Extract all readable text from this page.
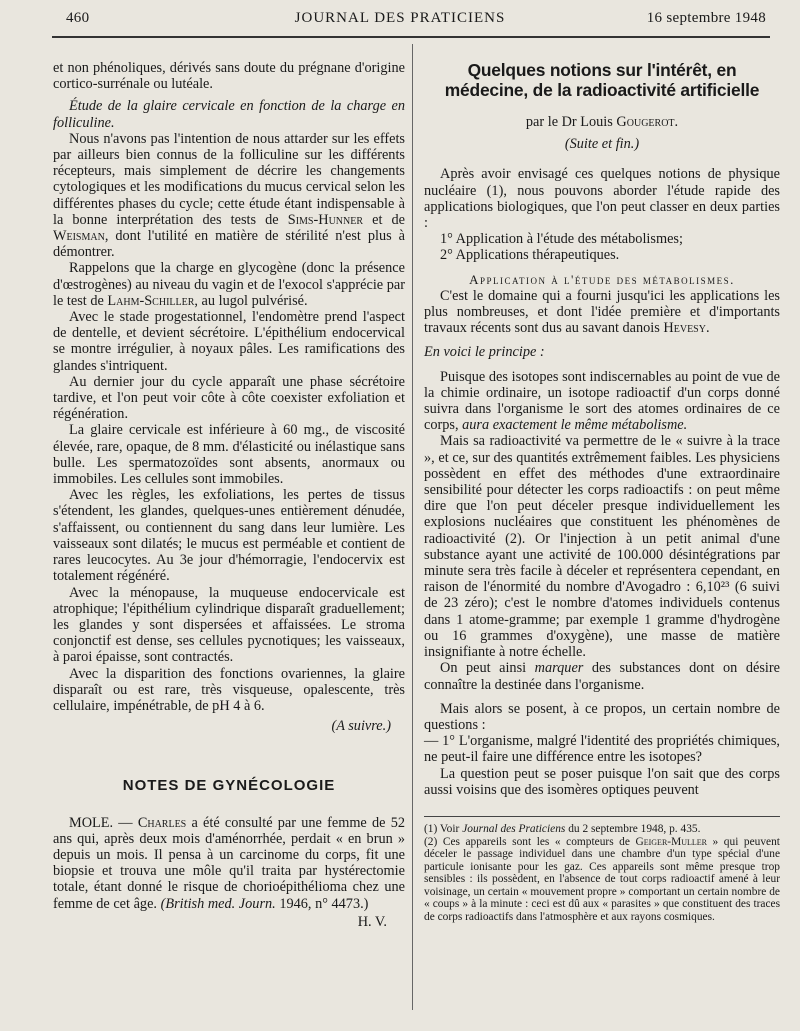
460	JOURNAL DES PRATICIENS	16 septembre 1948

et non phénoliques, dérivés sans doute du prégnane d'origine cortico-surrénale ou lutéale.

Étude de la glaire cervicale en fonction de la charge en folliculine.

Nous n'avons pas l'intention de nous attarder sur les effets par ailleurs bien connus de la folliculine sur les différents récepteurs, mais simplement de décrire les changements cytologiques et les modifications du mucus cervical selon les différentes phases du cycle; cette étude étant indispensable à la bonne interprétation des tests de Sims-Hunner et de Weisman, dont l'utilité en matière de stérilité n'est plus à démontrer.

Rappelons que la charge en glycogène (donc la présence d'œstrogènes) au niveau du vagin et de l'exocol s'apprécie par le test de Lahm-Schiller, au lugol pulvérisé.

Avec le stade progestationnel, l'endomètre prend l'aspect de dentelle, et devient sécrétoire. L'épithélium endocervical se montre irrégulier, à noyaux pâles. Les ramifications des glandes s'intriquent.

Au dernier jour du cycle apparaît une phase sécrétoire tardive, et l'on peut voir côte à côte coexister exfoliation et régénération.

La glaire cervicale est inférieure à 60 mg., de viscosité élevée, rare, opaque, de 8 mm. d'élasticité ou inélastique sans bulle. Les spermatozoïdes sont absents, anormaux ou immobiles. Les cellules sont immobiles.

Avec les règles, les exfoliations, les pertes de tissus s'étendent, les glandes, quelques-unes entièrement dénudée, s'affaissent, ou contiennent du sang dans leur lumière. Les vaisseaux sont dilatés; le mucus est perméable et contient de rares leucocytes. Au 3e jour d'hémorragie, l'endocervix est totalement régénéré.

Avec la ménopause, la muqueuse endocervicale est atrophique; l'épithélium cylindrique disparaît graduellement; les glandes y sont dispersées et affaissées. Le stroma conjonctif est dense, ses cellules pycnotiques; les vaisseaux, à paroi épaisse, sont contractés.

Avec la disparition des fonctions ovariennes, la glaire disparaît ou est rare, très visqueuse, opalescente, très cellulaire, impénétrable, de pH 4 à 6.

(A suivre.)

NOTES DE GYNÉCOLOGIE

MOLE. — Charles a été consulté par une femme de 52 ans qui, après deux mois d'aménorrhée, perdait « en brun » depuis un mois. Il pensa à un carcinome du corps, fit une biopsie et trouva une môle qu'il traita par hystérectomie totale, étant donné le risque de chorioépithélioma chez une femme de cet âge. (British med. Journ. 1946, n° 4473.)

H. V.

Quelques notions sur l'intérêt, en médecine, de la radioactivité artificielle

par le Dr Louis Gougerot.

(Suite et fin.)

Après avoir envisagé ces quelques notions de physique nucléaire (1), nous pouvons aborder l'étude rapide des applications biologiques, que l'on peut classer en deux parties :

1° Application à l'étude des métabolismes;

2° Applications thérapeutiques.

Application à l'étude des métabolismes.

C'est le domaine qui a fourni jusqu'ici les applications les plus nombreuses, et dont l'idée première et d'importants travaux récents sont dus au savant danois Hevesy.

En voici le principe :

Puisque des isotopes sont indiscernables au point de vue de la chimie ordinaire, un isotope radioactif d'un corps donné suivra dans l'organisme le sort des atomes ordinaires de ce corps, aura exactement le même métabolisme.

Mais sa radioactivité va permettre de le « suivre à la trace », et ce, sur des quantités extrêmement faibles. Les physiciens possèdent en effet des méthodes d'une extraordinaire sensibilité pour détecter les corps radioactifs : on peut même dire que l'on peut déceler presque individuellement les explosions nucléaires que constituent les phénomènes de radioactivité (2). Or l'injection à un petit animal d'une substance ayant une activité de 100.000 désintégrations par minute sera très facile à déceler et représentera cependant, en raison de l'énormité du nombre d'Avogadro : 6,10²³ (6 suivi de 23 zéro); c'est le nombre d'atomes individuels contenus dans 1 atome-gramme; par exemple 1 gramme d'hydrogène ou 16 grammes d'oxygène), une masse de matière insignifiante à notre échelle.

On peut ainsi marquer des substances dont on désire connaître la destinée dans l'organisme.

Mais alors se posent, à ce propos, un certain nombre de questions :

— 1° L'organisme, malgré l'identité des propriétés chimiques, ne peut-il faire une différence entre les isotopes?

La question peut se poser puisque l'on sait que des corps aussi voisins que des isomères optiques peuvent

(1) Voir Journal des Praticiens du 2 septembre 1948, p. 435.

(2) Ces appareils sont les « compteurs de Geiger-Muller » qui peuvent déceler le passage individuel dans une chambre d'un type spécial d'une particule ionisante pour les gaz. Ces appareils sont même presque trop sensibles : ils possèdent, en l'absence de tout corps radioactif amené à leur voisinage, un certain « mouvement propre » comportant un certain nombre de « coups » à la minute : ceci est dû aux « parasites » que constituent des traces de corps radioactifs dans l'atmosphère et aux rayons cosmiques.
